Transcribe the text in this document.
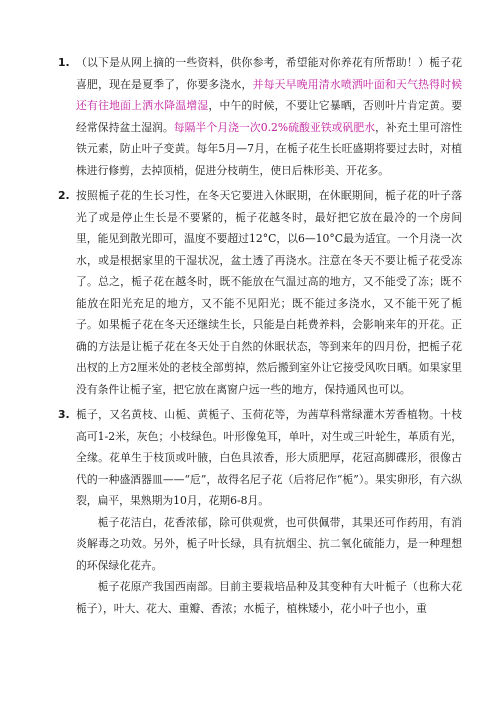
1. （以下是从网上摘的一些资料，供你参考，希望能对你养花有所帮助！）栀子花喜肥，现在是夏季了，你要多浇水，并每天早晚用清水喷洒叶面和天气热得时候还有往地面上洒水降温增湿，中午的时候，不要让它暴晒，否则叶片肯定黄。要经常保持盆土湿润。每隔半个月浇一次0.2%硫酸亚铁或矾肥水，补充土里可溶性铁元素，防止叶子变黄。每年5月—7月，在栀子花生长旺盛期将要过去时，对植株进行修剪，去掉顶梢，促进分枝萌生，使日后株形美、开花多。

2. 按照栀子花的生长习性，在冬天它要进入休眠期，在休眠期间，栀子花的叶子落光了或是停止生长是不要紧的，栀子花越冬时，最好把它放在最冷的一个房间里，能见到散光即可，温度不要超过12°C，以6—10°C最为适宜。一个月浇一次水，或是根据家里的干湿状况，盆土透了再浇水。注意在冬天不要让栀子花受冻了。总之，栀子花在越冬时，既不能放在气温过高的地方，又不能受了冻；既不能放在阳光充足的地方，又不能不见阳光；既不能过多浇水，又不能干死了栀子。如果栀子花在冬天还继续生长，只能是白耗费养料，会影响来年的开花。正确的方法是让栀子花在冬天处于自然的休眠状态，等到来年的四月份，把栀子花出杈的上方2厘米处的老枝全部剪掉，然后搬到室外让它接受风吹日晒。如果家里没有条件让栀子室，把它放在离窗户远一些的地方，保持通风也可以。

3. 栀子，又名黄枝、山栀、黄栀子、玉荷花等，为茜草科常绿灌木芳香植物。十枝高可1-2米，灰色；小枝绿色。叶形像兔耳，单叶，对生或三叶轮生，革质有光，全缘。花单生于枝顶或叶腋，白色具浓香，形大质肥厚，花冠高脚碟形，很像古代的一种盛酒器皿——“卮”，故得名尼子花（后将尼作“栀”）。果实卵形，有六纵裂，扁平，果熟期为10月，花期6-8月。

栀子花洁白，花香浓郁，除可供观赏，也可供佩带，其果还可作药用，有消炎解毒之功效。另外，栀子叶长绿，具有抗烟尘、抗二氧化硫能力，是一种理想的环保绿化花卉。

栀子花原产我国西南部。目前主要栽培品种及其变种有大叶栀子（也称大花栀子），叶大、花大、重瓣、香浓；水栀子，植株矮小，花小叶子也小，重
